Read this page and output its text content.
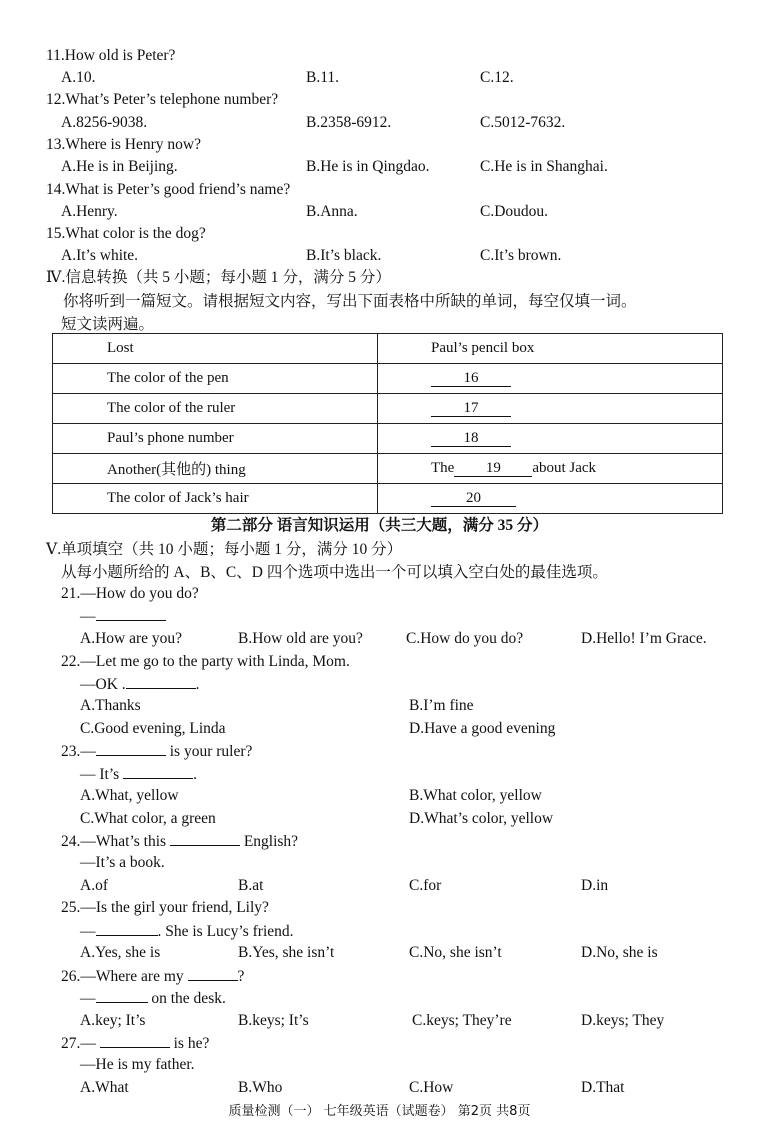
11.How old is Peter?
A.10.	B.11.	C.12.
12.What’s Peter’s telephone number?
A.8256-9038.	B.2358-6912.	C.5012-7632.
13.Where is Henry now?
A.He is in Beijing.	B.He is in Qingdao.	C.He is in Shanghai.
14.What is Peter’s good friend’s name?
A.Henry.	B.Anna.	C.Doudou.
15.What color is the dog?
A.It’s white.	B.It’s black.	C.It’s brown.
Ⅳ.信息转换（共 5 小题；每小题 1 分，满分 5 分）
你将听到一篇短文。请根据短文内容，写出下面表格中所缺的单词，每空仅填一词。
短文读两遍。
Lost	Paul’s pencil box
The color of the pen	16
The color of the ruler	17
Paul’s phone number	18
Another(其他的) thing	The 19 about Jack
The color of Jack’s hair	20
第二部分 语言知识运用（共三大题，满分 35 分）
Ⅴ.单项填空（共 10 小题；每小题 1 分，满分 10 分）
从每小题所给的 A、B、C、D 四个选项中选出一个可以填入空白处的最佳选项。
21.—How do you do?
—
A.How are you?	B.How old are you?	C.How do you do?	D.Hello! I’m Grace.
22.—Let me go to the party with Linda, Mom.
—OK .	.
A.Thanks	B.I’m fine
C.Good evening, Linda	D.Have a good evening
23.—	is your ruler?
— It’s	.
A.What, yellow	B.What color, yellow
C.What color, a green	D.What’s color, yellow
24.—What’s this	English?
—It’s a book.
A.of	B.at	C.for	D.in
25.—Is the girl your friend, Lily?
—	. She is Lucy’s friend.
A.Yes, she is	B.Yes, she isn’t	C.No, she isn’t	D.No, she is
26.—Where are my	?
—	on the desk.
A.key; It’s	B.keys; It’s	C.keys; They’re	D.keys; They
27.—	is he?
—He is my father.
A.What	B.Who	C.How	D.That
质量检测（一） 七年级英语（试题卷） 第2页 共8页
